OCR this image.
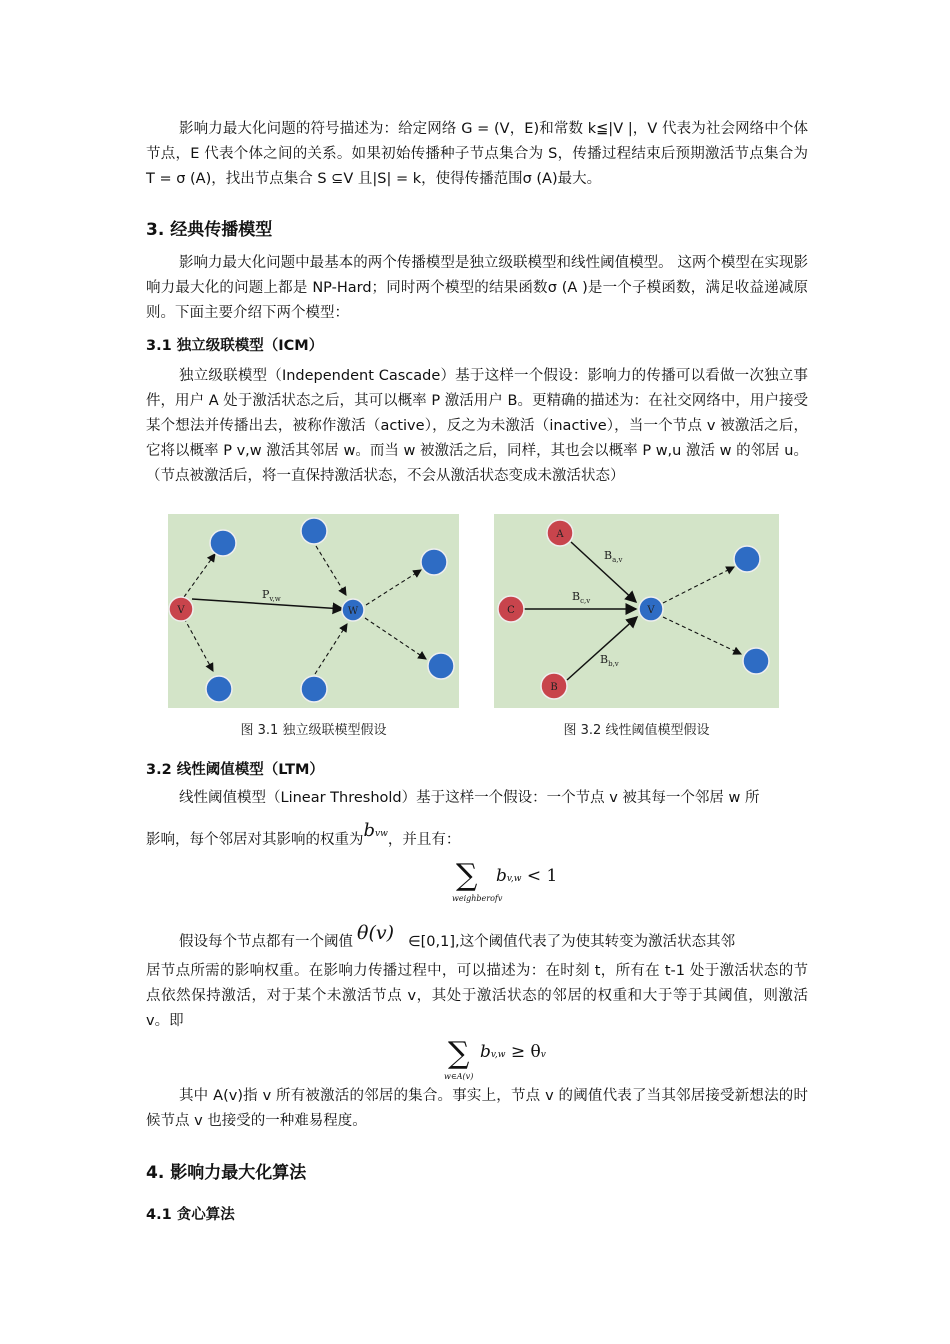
影响力最大化问题的符号描述为：给定网络 G = (V，E)和常数 k≦|V |，V 代表为社会网络中个体节点，E 代表个体之间的关系。如果初始传播种子节点集合为 S，传播过程结束后预期激活节点集合为 T = σ (A)，找出节点集合 S ⊆V 且|S| = k，使得传播范围σ (A)最大。

3. 经典传播模型

影响力最大化问题中最基本的两个传播模型是独立级联模型和线性阈值模型。 这两个模型在实现影响力最大化的问题上都是 NP-Hard；同时两个模型的结果函数σ (A )是一个子模函数，满足收益递减原则。下面主要介绍下两个模型：

3.1 独立级联模型（ICM）

独立级联模型（Independent Cascade）基于这样一个假设：影响力的传播可以看做一次独立事件，用户 A 处于激活状态之后，其可以概率 P 激活用户 B。更精确的描述为：在社交网络中，用户接受某个想法并传播出去，被称作激活（active），反之为未激活（inactive），当一个节点 v 被激活之后，它将以概率 P v,w 激活其邻居 w。而当 w 被激活之后，同样，其也会以概率 P w,u 激活 w 的邻居 u。（节点被激活后，将一直保持激活状态，不会从激活状态变成未激活状态）

V	W
$P_{v,w}$
图 3.1 独立级联模型假设
A
C
B
V
$B_{a,v}$
$B_{c,v}$
$B_{b,v}$
图 3.2 线性阈值模型假设
3.2 线性阈值模型（LTM）

线性阈值模型（Linear Threshold）基于这样一个假设：一个节点 v 被其每一个邻居 w 所

影响，每个邻居对其影响的权重为bvw，并且有：
∑
weighberofv
bv,w < 1
假设每个节点都有一个阈值 θ(v) ∈[0,1],这个阈值代表了为使其转变为激活状态其邻

居节点所需的影响权重。在影响力传播过程中，可以描述为：在时刻 t，所有在 t-1 处于激活状态的节点依然保持激活，对于某个未激活节点 v，其处于激活状态的邻居的权重和大于等于其阈值，则激活 v。即

∑
w∈A(v)
bv,w ≥ θv

其中 A(v)指 v 所有被激活的邻居的集合。事实上，节点 v 的阈值代表了当其邻居接受新想法的时候节点 v 也接受的一种难易程度。

4. 影响力最大化算法
4.1 贪心算法
